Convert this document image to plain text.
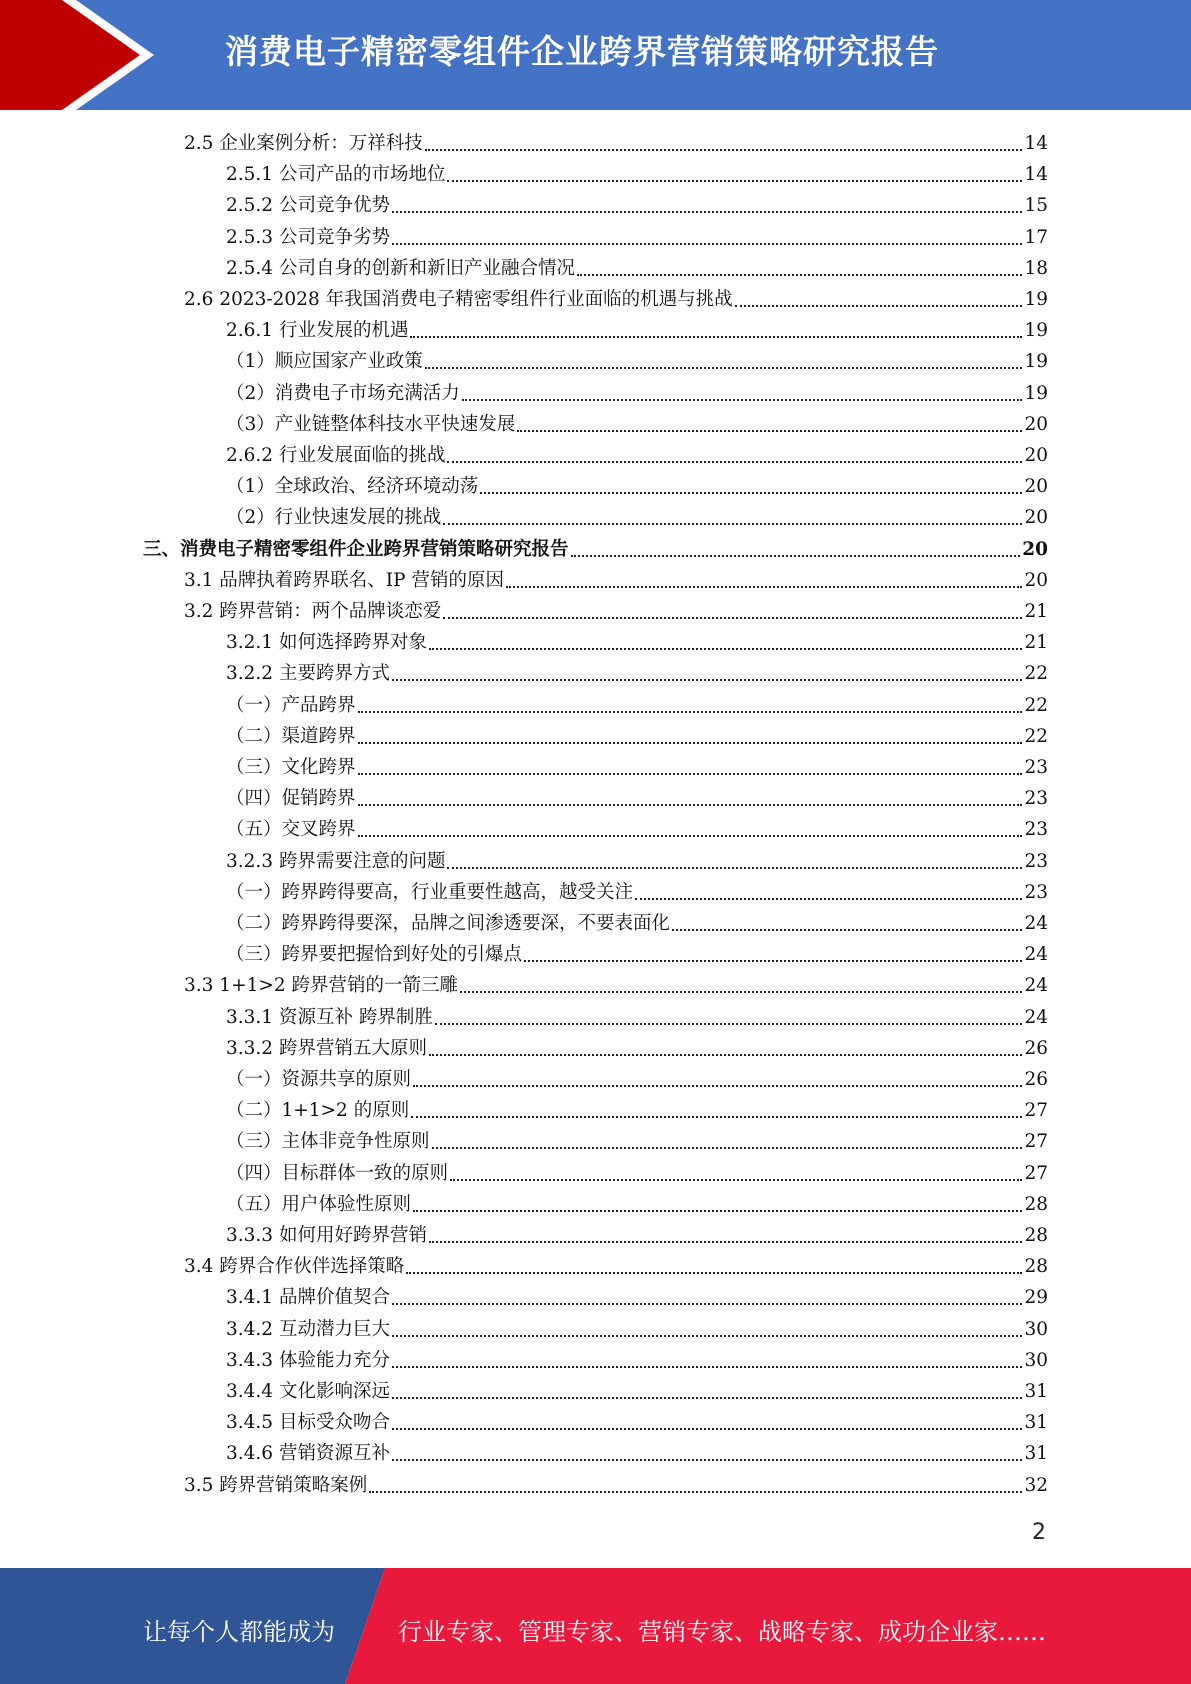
消费电子精密零组件企业跨界营销策略研究报告
2.5 企业案例分析：万祥科技	14
2.5.1 公司产品的市场地位	14
2.5.2 公司竞争优势	15
2.5.3 公司竞争劣势	17
2.5.4 公司自身的创新和新旧产业融合情况	18
2.6 2023-2028 年我国消费电子精密零组件行业面临的机遇与挑战	19
2.6.1 行业发展的机遇	19
（1）顺应国家产业政策	19
（2）消费电子市场充满活力	19
（3）产业链整体科技水平快速发展	20
2.6.2 行业发展面临的挑战	20
（1）全球政治、经济环境动荡	20
（2）行业快速发展的挑战	20
三、消费电子精密零组件企业跨界营销策略研究报告	20
3.1 品牌执着跨界联名、IP 营销的原因	20
3.2 跨界营销：两个品牌谈恋爱	21
3.2.1 如何选择跨界对象	21
3.2.2 主要跨界方式	22
（一）产品跨界	22
（二）渠道跨界	22
（三）文化跨界	23
（四）促销跨界	23
（五）交叉跨界	23
3.2.3 跨界需要注意的问题	23
（一）跨界跨得要高，行业重要性越高，越受关注	23
（二）跨界跨得要深，品牌之间渗透要深，不要表面化	24
（三）跨界要把握恰到好处的引爆点	24
3.3 1+1>2 跨界营销的一箭三雕	24
3.3.1 资源互补 跨界制胜	24
3.3.2 跨界营销五大原则	26
（一）资源共享的原则	26
（二）1+1>2 的原则	27
（三）主体非竞争性原则	27
（四）目标群体一致的原则	27
（五）用户体验性原则	28
3.3.3 如何用好跨界营销	28
3.4 跨界合作伙伴选择策略	28
3.4.1 品牌价值契合	29
3.4.2 互动潜力巨大	30
3.4.3 体验能力充分	30
3.4.4 文化影响深远	31
3.4.5 目标受众吻合	31
3.4.6 营销资源互补	31
3.5 跨界营销策略案例	32
2
让每个人都能成为	行业专家、管理专家、营销专家、战略专家、成功企业家……
